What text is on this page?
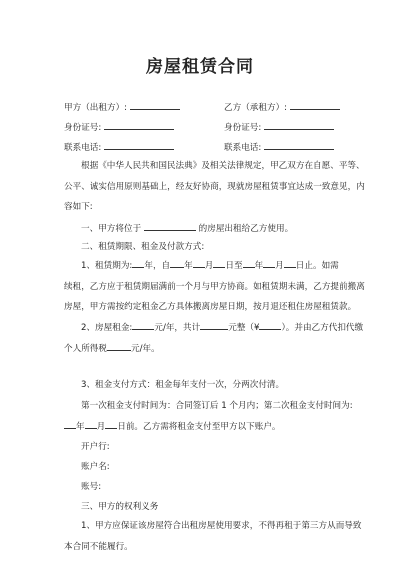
房屋租赁合同
甲方（出租方）:	乙方（承租方）:
身份证号:	身份证号:
联系电话:	联系电话:
根据《中华人民共和国民法典》及相关法律规定，甲乙双方在自愿、平等、
公平、诚实信用原则基础上，经友好协商，现就房屋租赁事宜达成一致意见，内
容如下:
一、甲方将位于	的房屋出租给乙方使用。
二、租赁期限、租金及付款方式:
1、租赁期为: 年，自 年 月 日至 年 月 日止。如需
续租，乙方应于租赁期届满前一个月与甲方协商。如租赁期未满，乙方提前搬离
房屋，甲方需按约定租金乙方具体搬离房屋日期，按月退还租住房屋租赁款。
2、房屋租金:	元/年，共计	元整（¥	）。并由乙方代扣代缴
个人所得税	元/年。
3、租金支付方式：租金每年支付一次，分两次付清。
第一次租金支付时间为：合同签订后 1 个月内；第二次租金支付时间为:
年 月 日前。乙方需将租金支付至甲方以下账户。
开户行:
账户名:
账号:
三、甲方的权利义务
1、甲方应保证该房屋符合出租房屋使用要求，不得再租于第三方从而导致
本合同不能履行。
